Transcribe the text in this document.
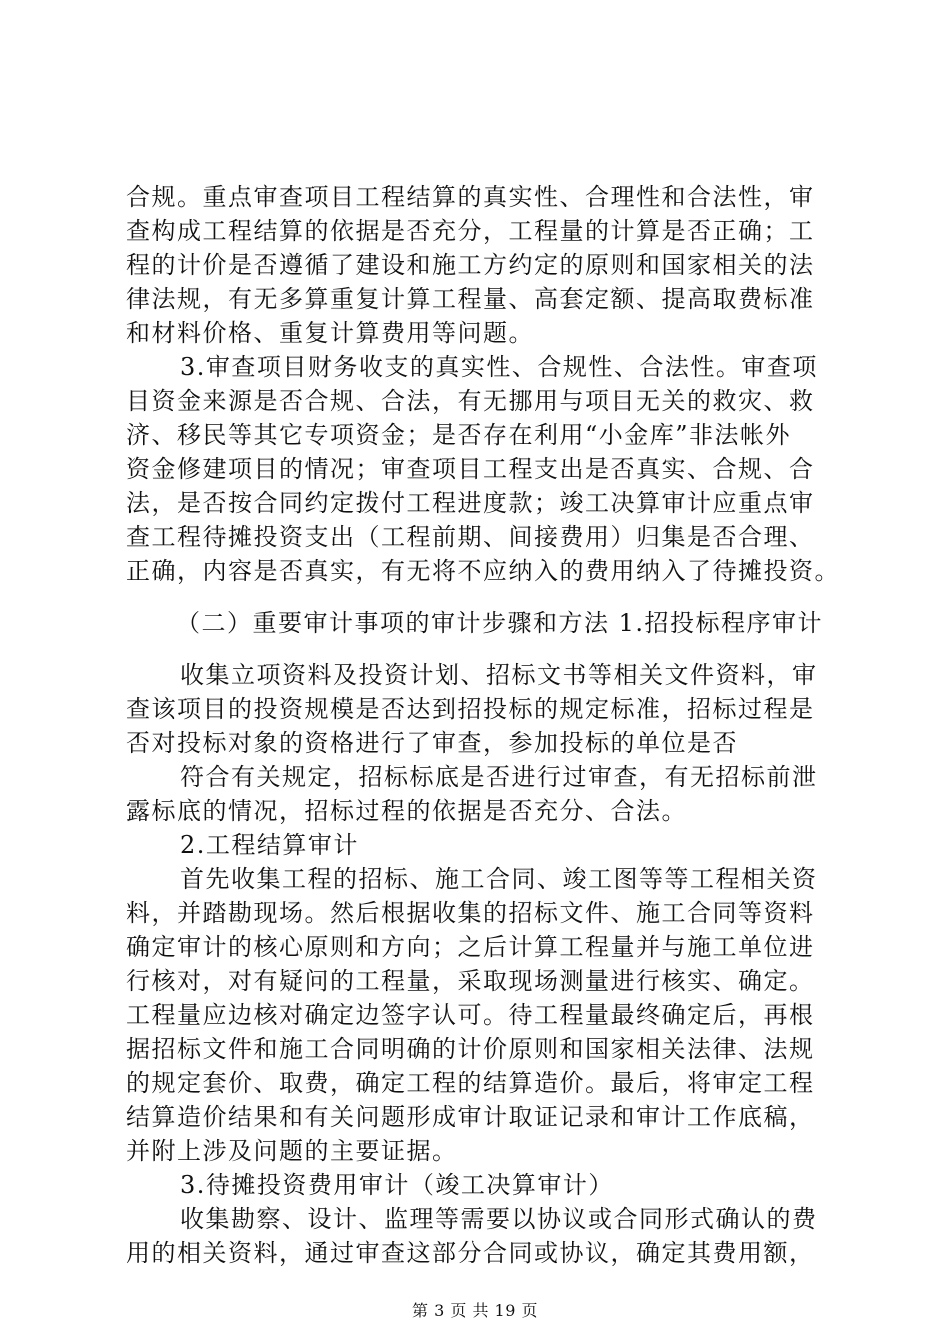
合规。重点审查项目工程结算的真实性、合理性和合法性，审
查构成工程结算的依据是否充分，工程量的计算是否正确；工
程的计价是否遵循了建设和施工方约定的原则和国家相关的法
律法规，有无多算重复计算工程量、高套定额、提高取费标准
和材料价格、重复计算费用等问题。
3.审查项目财务收支的真实性、合规性、合法性。审查项
目资金来源是否合规、合法，有无挪用与项目无关的救灾、救
济、移民等其它专项资金；是否存在利用“小金库”非法帐外
资金修建项目的情况；审查项目工程支出是否真实、合规、合
法，是否按合同约定拨付工程进度款；竣工决算审计应重点审
查工程待摊投资支出（工程前期、间接费用）归集是否合理、
正确，内容是否真实，有无将不应纳入的费用纳入了待摊投资。
（二）重要审计事项的审计步骤和方法 1.招投标程序审计
收集立项资料及投资计划、招标文书等相关文件资料，审
查该项目的投资规模是否达到招投标的规定标准，招标过程是
否对投标对象的资格进行了审查，参加投标的单位是否
符合有关规定，招标标底是否进行过审查，有无招标前泄
露标底的情况，招标过程的依据是否充分、合法。
2.工程结算审计
首先收集工程的招标、施工合同、竣工图等等工程相关资
料，并踏勘现场。然后根据收集的招标文件、施工合同等资料
确定审计的核心原则和方向；之后计算工程量并与施工单位进
行核对，对有疑问的工程量，采取现场测量进行核实、确定。
工程量应边核对确定边签字认可。待工程量最终确定后，再根
据招标文件和施工合同明确的计价原则和国家相关法律、法规
的规定套价、取费，确定工程的结算造价。最后，将审定工程
结算造价结果和有关问题形成审计取证记录和审计工作底稿，
并附上涉及问题的主要证据。
3.待摊投资费用审计（竣工决算审计）
收集勘察、设计、监理等需要以协议或合同形式确认的费
用的相关资料，通过审查这部分合同或协议，确定其费用额，
第 3 页 共 19 页
